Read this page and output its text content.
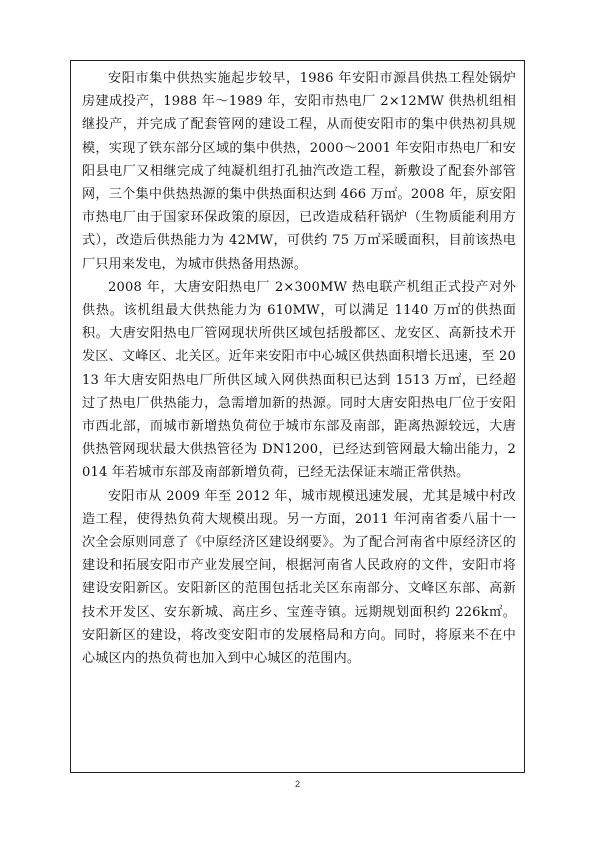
安阳市集中供热实施起步较早，1986 年安阳市源昌供热工程处锅炉房建成投产，1988 年～1989 年，安阳市热电厂 2×12MW 供热机组相继投产，并完成了配套管网的建设工程，从而使安阳市的集中供热初具规模，实现了铁东部分区域的集中供热，2000～2001 年安阳市热电厂和安阳县电厂又相继完成了纯凝机组打孔抽汽改造工程，新敷设了配套外部管网，三个集中供热热源的集中供热面积达到 466 万㎡。2008 年，原安阳市热电厂由于国家环保政策的原因，已改造成秸秆锅炉（生物质能利用方式），改造后供热能力为 42MW，可供约 75 万㎡采暖面积，目前该热电厂只用来发电，为城市供热备用热源。

2008 年，大唐安阳热电厂 2×300MW 热电联产机组正式投产对外供热。该机组最大供热能力为 610MW，可以满足 1140 万㎡的供热面积。大唐安阳热电厂管网现状所供区域包括殷都区、龙安区、高新技术开发区、文峰区、北关区。近年来安阳市中心城区供热面积增长迅速，至 2013 年大唐安阳热电厂所供区域入网供热面积已达到 1513 万㎡，已经超过了热电厂供热能力，急需增加新的热源。同时大唐安阳热电厂位于安阳市西北部，而城市新增热负荷位于城市东部及南部，距离热源较远，大唐供热管网现状最大供热管径为 DN1200，已经达到管网最大输出能力，2014 年若城市东部及南部新增负荷，已经无法保证末端正常供热。

安阳市从 2009 年至 2012 年，城市规模迅速发展，尤其是城中村改造工程，使得热负荷大规模出现。另一方面，2011 年河南省委八届十一次全会原则同意了《中原经济区建设纲要》。为了配合河南省中原经济区的建设和拓展安阳市产业发展空间，根据河南省人民政府的文件，安阳市将建设安阳新区。安阳新区的范围包括北关区东南部分、文峰区东部、高新技术开发区、安东新城、高庄乡、宝莲寺镇。远期规划面积约 226k㎡。安阳新区的建设，将改变安阳市的发展格局和方向。同时，将原来不在中心城区内的热负荷也加入到中心城区的范围内。

2
